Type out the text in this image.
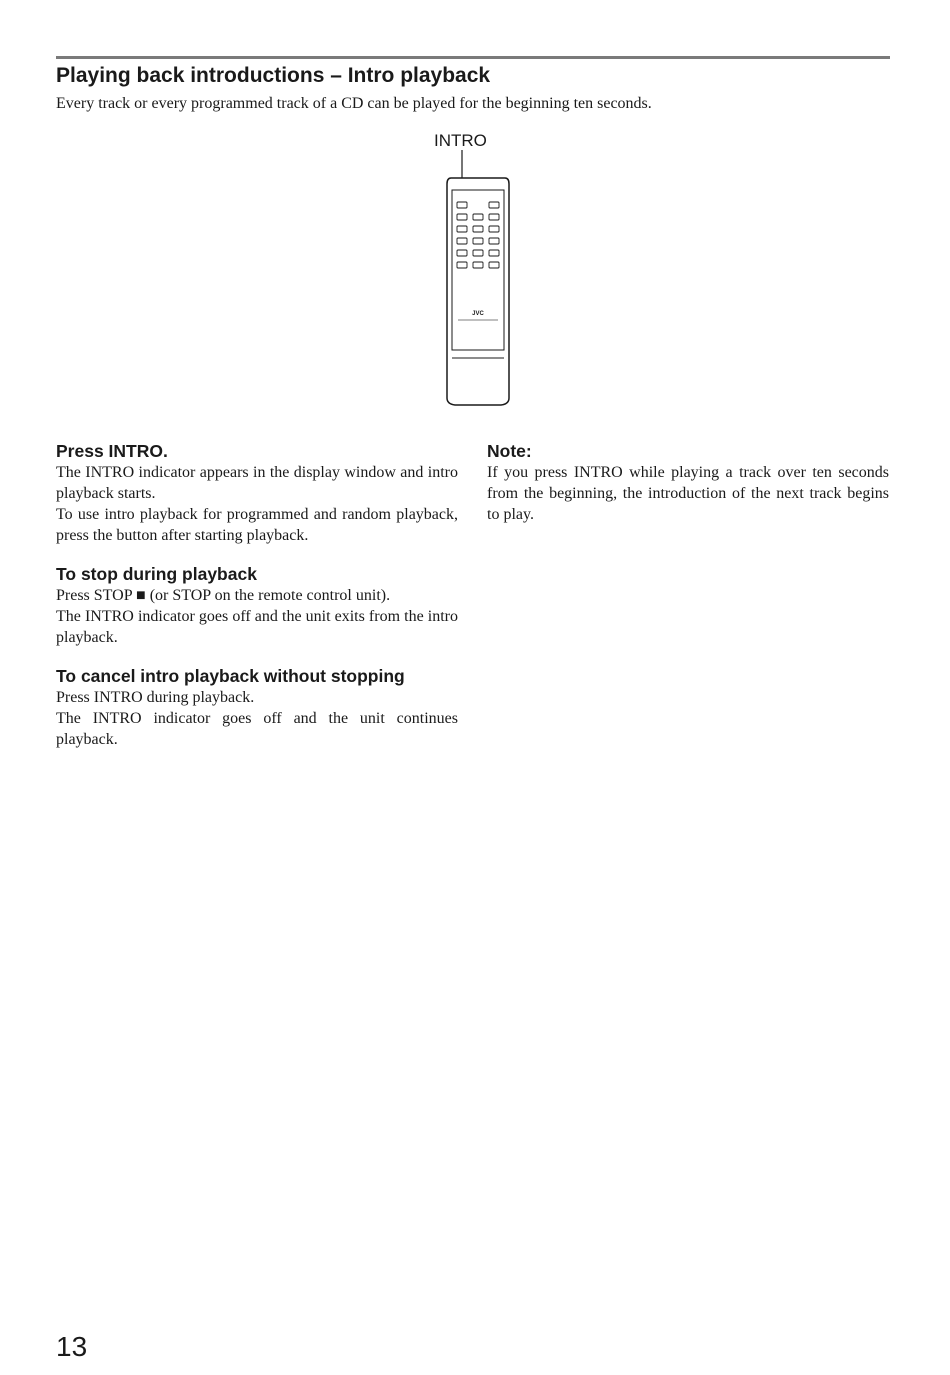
Playing back introductions – Intro playback

Every track or every programmed track of a CD can be played for the beginning ten seconds.

INTRO
JVC
Press INTRO.

The INTRO indicator appears in the display window and intro playback starts.

To use intro playback for programmed and random playback, press the button after starting playback.

To stop during playback

Press STOP ■ (or STOP on the remote control unit).

The INTRO indicator goes off and the unit exits from the intro playback.

To cancel intro playback without stopping

Press INTRO during playback.

The INTRO indicator goes off and the unit continues playback.

Note:

If you press INTRO while playing a track over ten seconds from the beginning, the introduction of the next track begins to play.

13
